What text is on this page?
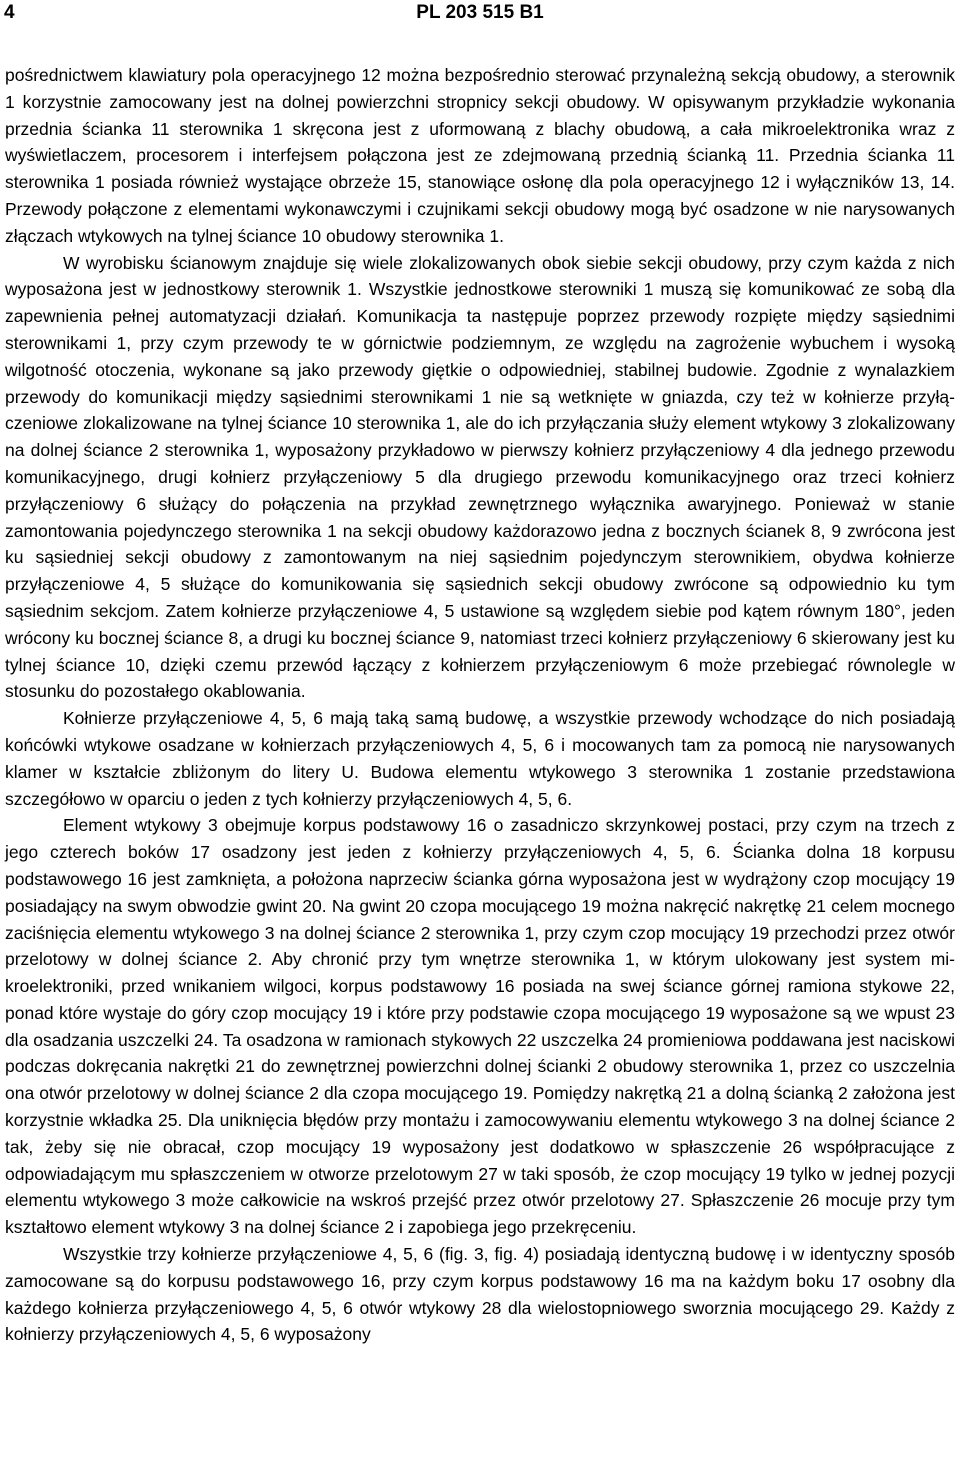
4	PL 203 515 B1

pośrednictwem klawiatury pola operacyjnego 12 można bezpośrednio sterować przynależną sekcją obudowy, a sterownik 1 korzystnie zamocowany jest na dolnej powierzchni stropnicy sekcji obudowy. W opisywanym przykładzie wykonania przednia ścianka 11 sterownika 1 skręcona jest z uformowaną z blachy obudową, a cała mikroelektronika wraz z wyświetlaczem, procesorem i interfejsem połączona jest ze zdejmowaną przednią ścianką 11. Przednia ścianka 11 sterownika 1 posiada również wystające obrzeże 15, stanowiące osłonę dla pola operacyjnego 12 i wyłączników 13, 14. Przewody połączone z elementami wykonawczymi i czujnikami sekcji obudowy mogą być osadzone w nie narysowanych złączach wtykowych na tylnej ściance 10 obudowy sterownika 1.

W wyrobisku ścianowym znajduje się wiele zlokalizowanych obok siebie sekcji obudowy, przy czym każda z nich wyposażona jest w jednostkowy sterownik 1. Wszystkie jednostkowe sterowniki 1 muszą się komunikować ze sobą dla zapewnienia pełnej automatyzacji działań. Komunikacja ta następuje poprzez przewody rozpięte między sąsiednimi sterownikami 1, przy czym przewody te w górnictwie podziemnym, ze względu na zagrożenie wybuchem i wysoką wilgotność otoczenia, wykonane są jako przewody giętkie o odpowiedniej, stabilnej budowie. Zgodnie z wynalazkiem przewody do komunikacji między sąsiednimi sterownikami 1 nie są wetknięte w gniazda, czy też w kołnierze przyłączeniowe zlokalizowane na tylnej ściance 10 sterownika 1, ale do ich przyłączania służy element wtykowy 3 zlokalizowany na dolnej ściance 2 sterownika 1, wyposażony przykładowo w pierwszy kołnierz przyłączeniowy 4 dla jednego przewodu komunikacyjnego, drugi kołnierz przyłączeniowy 5 dla drugiego przewodu komunikacyjnego oraz trzeci kołnierz przyłączeniowy 6 służący do połączenia na przykład zewnętrznego wyłącznika awaryjnego. Ponieważ w stanie zamontowania pojedynczego sterownika 1 na sekcji obudowy każdorazowo jedna z bocznych ścianek 8, 9 zwrócona jest ku sąsiedniej sekcji obudowy z zamontowanym na niej sąsiednim pojedynczym sterownikiem, obydwa kołnierze przyłączeniowe 4, 5 służące do komunikowania się sąsiednich sekcji obudowy zwrócone są odpowiednio ku tym sąsiednim sekcjom. Zatem kołnierze przyłączeniowe 4, 5 ustawione są względem siebie pod kątem równym 180°, jeden wrócony ku bocznej ściance 8, a drugi ku bocznej ściance 9, natomiast trzeci kołnierz przyłączeniowy 6 skierowany jest ku tylnej ściance 10, dzięki czemu przewód łączący z kołnierzem przyłączeniowym 6 może przebiegać równolegle w stosunku do pozostałego okablowania.

Kołnierze przyłączeniowe 4, 5, 6 mają taką samą budowę, a wszystkie przewody wchodzące do nich posiadają końcówki wtykowe osadzane w kołnierzach przyłączeniowych 4, 5, 6 i mocowanych tam za pomocą nie narysowanych klamer w kształcie zbliżonym do litery U. Budowa elementu wtykowego 3 sterownika 1 zostanie przedstawiona szczegółowo w oparciu o jeden z tych kołnierzy przyłączeniowych 4, 5, 6.

Element wtykowy 3 obejmuje korpus podstawowy 16 o zasadniczo skrzynkowej postaci, przy czym na trzech z jego czterech boków 17 osadzony jest jeden z kołnierzy przyłączeniowych 4, 5, 6. Ścianka dolna 18 korpusu podstawowego 16 jest zamknięta, a położona naprzeciw ścianka górna wyposażona jest w wydrążony czop mocujący 19 posiadający na swym obwodzie gwint 20. Na gwint 20 czopa mocującego 19 można nakręcić nakrętkę 21 celem mocnego zaciśnięcia elementu wtykowego 3 na dolnej ściance 2 sterownika 1, przy czym czop mocujący 19 przechodzi przez otwór przelotowy w dolnej ściance 2. Aby chronić przy tym wnętrze sterownika 1, w którym ulokowany jest system mikroelektroniki, przed wnikaniem wilgoci, korpus podstawowy 16 posiada na swej ściance górnej ramiona stykowe 22, ponad które wystaje do góry czop mocujący 19 i które przy podstawie czopa mocującego 19 wyposażone są we wpust 23 dla osadzania uszczelki 24. Ta osadzona w ramionach stykowych 22 uszczelka 24 promieniowa poddawana jest naciskowi podczas dokręcania nakrętki 21 do zewnętrznej powierzchni dolnej ścianki 2 obudowy sterownika 1, przez co uszczelnia ona otwór przelotowy w dolnej ściance 2 dla czopa mocującego 19. Pomiędzy nakrętką 21 a dolną ścianką 2 założona jest korzystnie wkładka 25. Dla uniknięcia błędów przy montażu i zamocowywaniu elementu wtykowego 3 na dolnej ściance 2 tak, żeby się nie obracał, czop mocujący 19 wyposażony jest dodatkowo w spłaszczenie 26 współpracujące z odpowiadającym mu spłaszczeniem w otworze przelotowym 27 w taki sposób, że czop mocujący 19 tylko w jednej pozycji elementu wtykowego 3 może całkowicie na wskroś przejść przez otwór przelotowy 27. Spłaszczenie 26 mocuje przy tym kształtowo element wtykowy 3 na dolnej ściance 2 i zapobiega jego przekręceniu.

Wszystkie trzy kołnierze przyłączeniowe 4, 5, 6 (fig. 3, fig. 4) posiadają identyczną budowę i w identyczny sposób zamocowane są do korpusu podstawowego 16, przy czym korpus podstawowy 16 ma na każdym boku 17 osobny dla każdego kołnierza przyłączeniowego 4, 5, 6 otwór wtykowy 28 dla wielostopniowego sworznia mocującego 29. Każdy z kołnierzy przyłączeniowych 4, 5, 6 wyposażony
